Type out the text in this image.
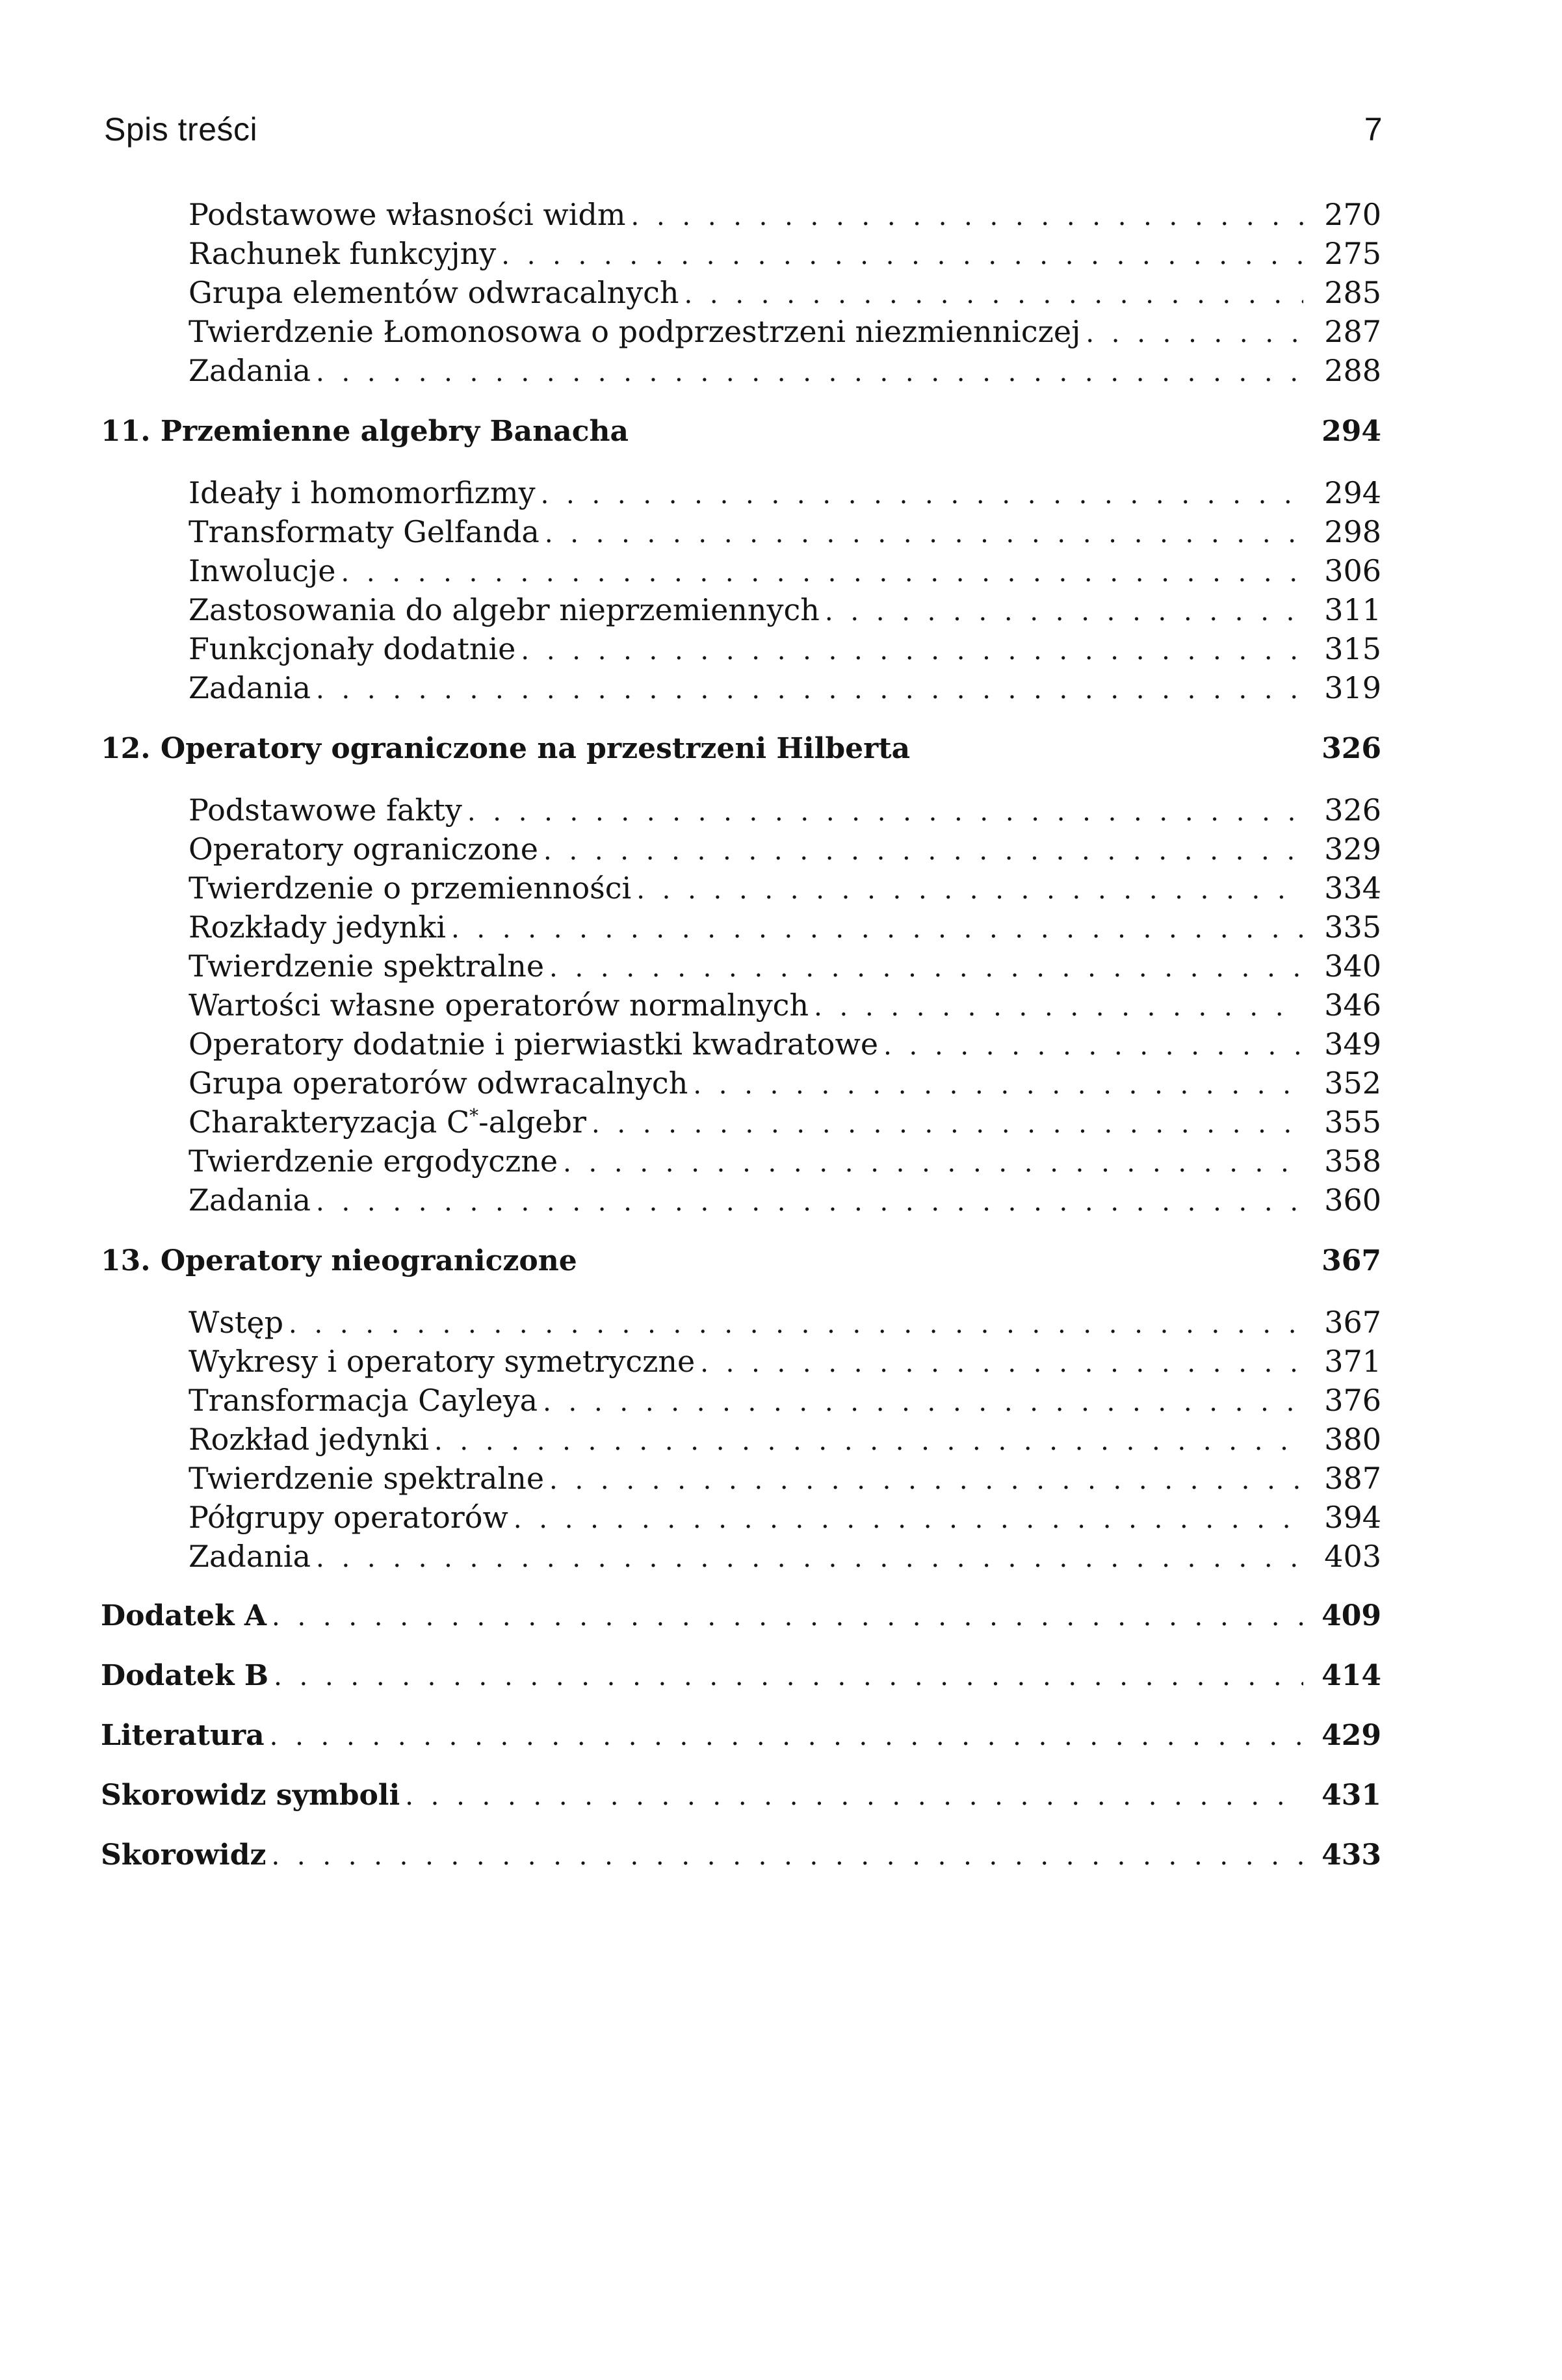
Spis treści	7
Podstawowe własności widm . . .	270
Rachunek funkcyjny . . .	275
Grupa elementów odwracalnych . . .	285
Twierdzenie Łomonosowa o podprzestrzeni niezmienniczej . . .	287
Zadania . . .	288
11. Przemienne algebry Banacha	294
Ideały i homomorfizmy . . .	294
Transformaty Gelfanda . . .	298
Inwolucje . . .	306
Zastosowania do algebr nieprzemiennych . . .	311
Funkcjonały dodatnie . . .	315
Zadania . . .	319
12. Operatory ograniczone na przestrzeni Hilberta	326
Podstawowe fakty . . .	326
Operatory ograniczone . . .	329
Twierdzenie o przemienności . . .	334
Rozkłady jedynki . . .	335
Twierdzenie spektralne . . .	340
Wartości własne operatorów normalnych . . .	346
Operatory dodatnie i pierwiastki kwadratowe . . .	349
Grupa operatorów odwracalnych . . .	352
Charakteryzacja C*-algebr . . .	355
Twierdzenie ergodyczne . . .	358
Zadania . . .	360
13. Operatory nieograniczone	367
Wstęp . . .	367
Wykresy i operatory symetryczne . . .	371
Transformacja Cayleya . . .	376
Rozkład jedynki . . .	380
Twierdzenie spektralne . . .	387
Półgrupy operatorów . . .	394
Zadania . . .	403
Dodatek A . . .	409
Dodatek B . . .	414
Literatura . . .	429
Skorowidz symboli . . .	431
Skorowidz . . .	433
